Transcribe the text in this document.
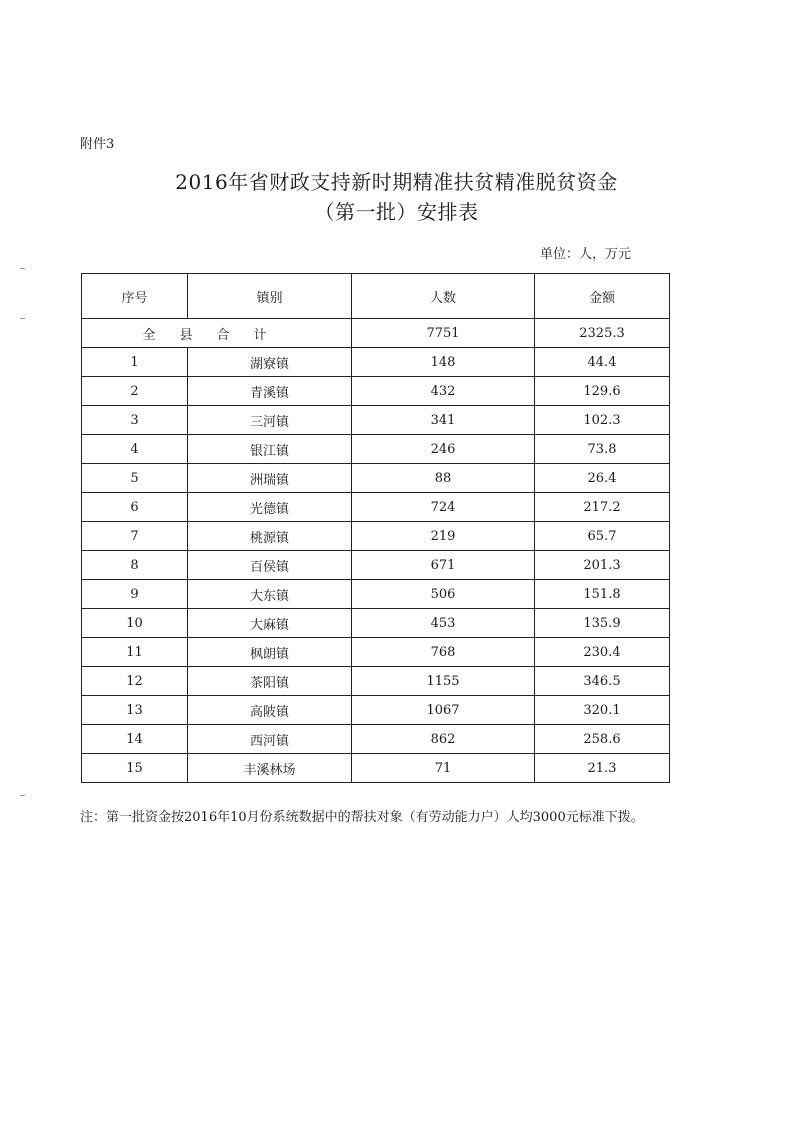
附件3
2016年省财政支持新时期精准扶贫精准脱贫资金
（第一批）安排表
单位：人，万元
序号	镇别	人数	金额
全县合计		7751	2325.3
1	湖寮镇	148	44.4
2	青溪镇	432	129.6
3	三河镇	341	102.3
4	银江镇	246	73.8
5	洲瑞镇	88	26.4
6	光德镇	724	217.2
7	桃源镇	219	65.7
8	百侯镇	671	201.3
9	大东镇	506	151.8
10	大麻镇	453	135.9
11	枫朗镇	768	230.4
12	茶阳镇	1155	346.5
13	高陂镇	1067	320.1
14	西河镇	862	258.6
15	丰溪林场	71	21.3
注：第一批资金按2016年10月份系统数据中的帮扶对象（有劳动能力户）人均3000元标准下拨。
